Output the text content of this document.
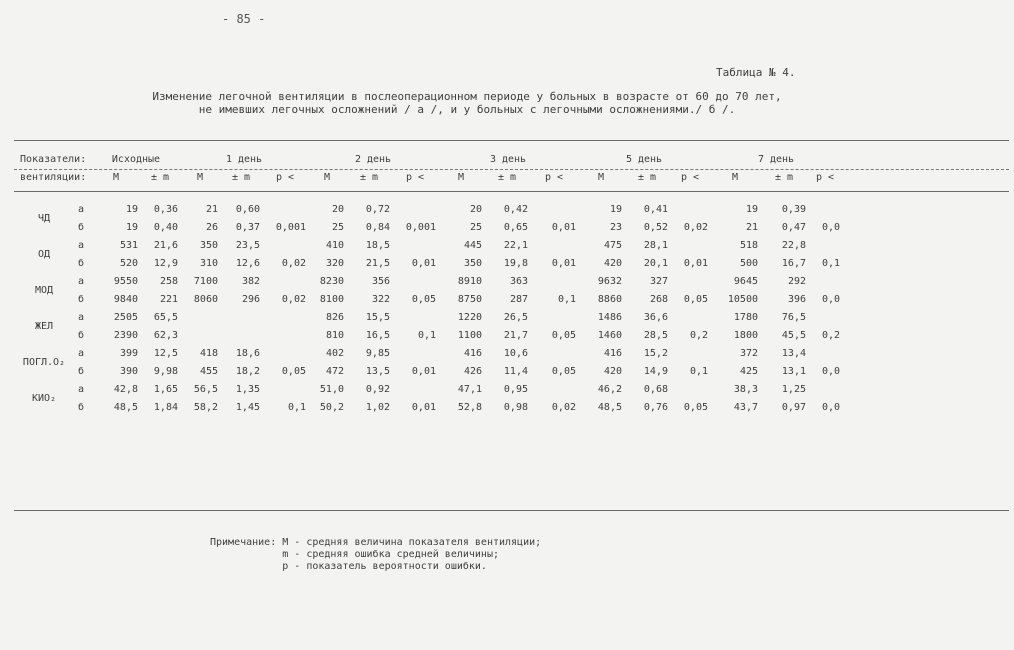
- 85 -
Таблица № 4.
Изменение легочной вентиляции в послеоперационном периоде у больных в возрасте от 60 до 70 лет,
не имевших легочных осложнений / а /, и у больных с легочными осложнениями./ б /.
Показатели:		Исходные		1 день			2 день			3 день			5 день			7 день		
вентиляции:		М	± m	М	± m	p <	М	± m	p <	М	± m	p <	М	± m	p <	М	± m	p <

ЧД	а	19	0,36	21	0,60		20	0,72		20	0,42		19	0,41		19	0,39	
	б	19	0,40	26	0,37	0,001	25	0,84	0,001	25	0,65	0,01	23	0,52	0,02	21	0,47	0,0
ОД	а	531	21,6	350	23,5		410	18,5		445	22,1		475	28,1		518	22,8	
	б	520	12,9	310	12,6	0,02	320	21,5	0,01	350	19,8	0,01	420	20,1	0,01	500	16,7	0,1
МОД	а	9550	258	7100	382		8230	356		8910	363		9632	327		9645	292	
	б	9840	221	8060	296	0,02	8100	322	0,05	8750	287	0,1	8860	268	0,05	10500	396	0,0
ЖЕЛ	а	2505	65,5				826	15,5		1220	26,5		1486	36,6		1780	76,5	
	б	2390	62,3				810	16,5	0,1	1100	21,7	0,05	1460	28,5	0,2	1800	45,5	0,2
ПОГЛ.О₂	а	399	12,5	418	18,6		402	9,85		416	10,6		416	15,2		372	13,4	
	б	390	9,98	455	18,2	0,05	472	13,5	0,01	426	11,4	0,05	420	14,9	0,1	425	13,1	0,0
КИО₂	а	42,8	1,65	56,5	1,35		51,0	0,92		47,1	0,95		46,2	0,68		38,3	1,25	
	б	48,5	1,84	58,2	1,45	0,1	50,2	1,02	0,01	52,8	0,98	0,02	48,5	0,76	0,05	43,7	0,97	0,0
Примечание: М - средняя величина показателя вентиляции;
m - средняя ошибка средней величины;
р - показатель вероятности ошибки.
